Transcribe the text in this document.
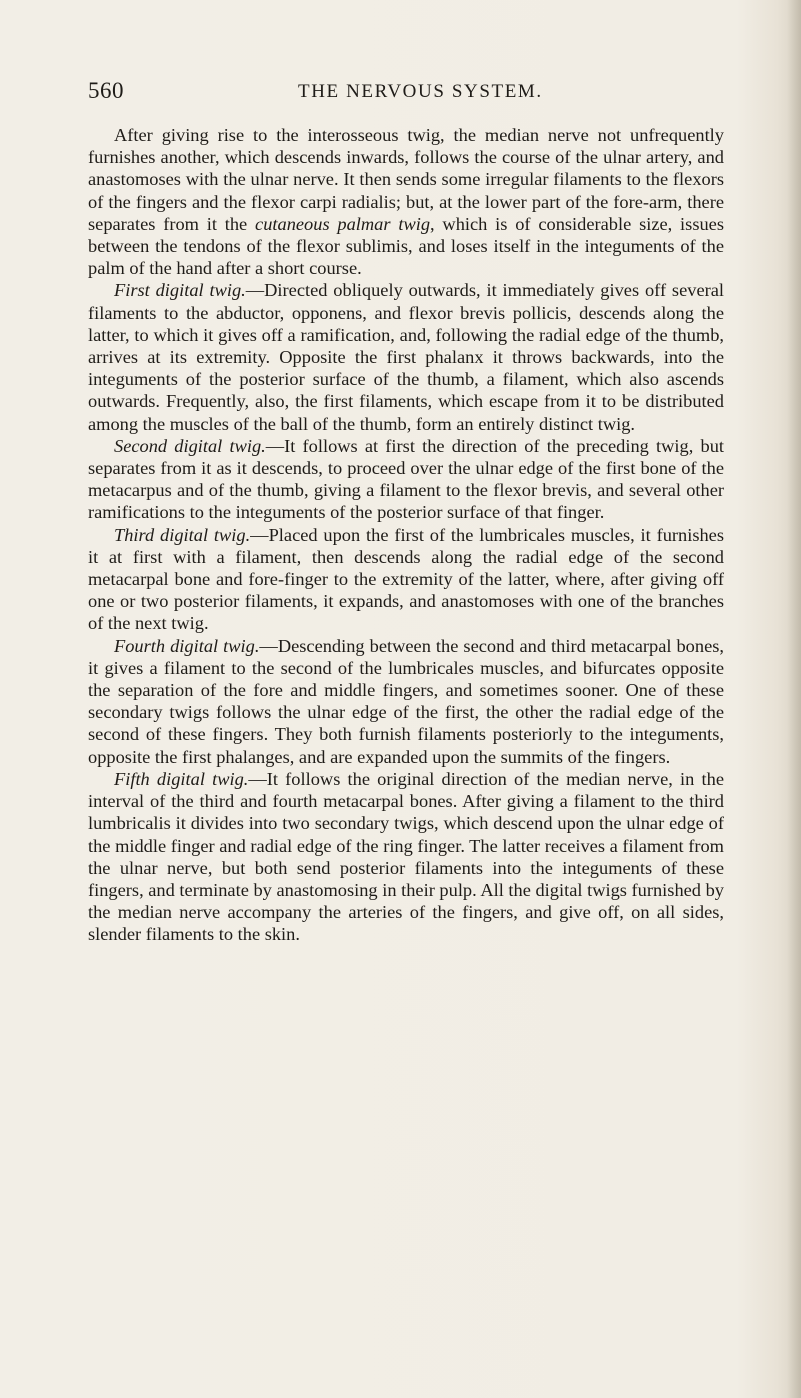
560	THE NERVOUS SYSTEM.

After giving rise to the interosseous twig, the median nerve not unfrequently furnishes another, which descends inwards, follows the course of the ulnar artery, and anastomoses with the ulnar nerve. It then sends some irregular filaments to the flexors of the fingers and the flexor carpi radialis; but, at the lower part of the fore-arm, there separates from it the cutaneous palmar twig, which is of considerable size, issues between the tendons of the flexor sublimis, and loses itself in the integuments of the palm of the hand after a short course.

First digital twig.—Directed obliquely outwards, it immediately gives off several filaments to the abductor, opponens, and flexor brevis pollicis, descends along the latter, to which it gives off a ramification, and, following the radial edge of the thumb, arrives at its extremity. Opposite the first phalanx it throws backwards, into the integuments of the posterior surface of the thumb, a filament, which also ascends outwards. Frequently, also, the first filaments, which escape from it to be distributed among the muscles of the ball of the thumb, form an entirely distinct twig.

Second digital twig.—It follows at first the direction of the preceding twig, but separates from it as it descends, to proceed over the ulnar edge of the first bone of the metacarpus and of the thumb, giving a filament to the flexor brevis, and several other ramifications to the integuments of the posterior surface of that finger.

Third digital twig.—Placed upon the first of the lumbricales muscles, it furnishes it at first with a filament, then descends along the radial edge of the second metacarpal bone and fore-finger to the extremity of the latter, where, after giving off one or two posterior filaments, it expands, and anastomoses with one of the branches of the next twig.

Fourth digital twig.—Descending between the second and third metacarpal bones, it gives a filament to the second of the lumbricales muscles, and bifurcates opposite the separation of the fore and middle fingers, and sometimes sooner. One of these secondary twigs follows the ulnar edge of the first, the other the radial edge of the second of these fingers. They both furnish filaments posteriorly to the integuments, opposite the first phalanges, and are expanded upon the summits of the fingers.

Fifth digital twig.—It follows the original direction of the median nerve, in the interval of the third and fourth metacarpal bones. After giving a filament to the third lumbricalis it divides into two secondary twigs, which descend upon the ulnar edge of the middle finger and radial edge of the ring finger. The latter receives a filament from the ulnar nerve, but both send posterior filaments into the integuments of these fingers, and terminate by anastomosing in their pulp. All the digital twigs furnished by the median nerve accompany the arteries of the fingers, and give off, on all sides, slender filaments to the skin.
